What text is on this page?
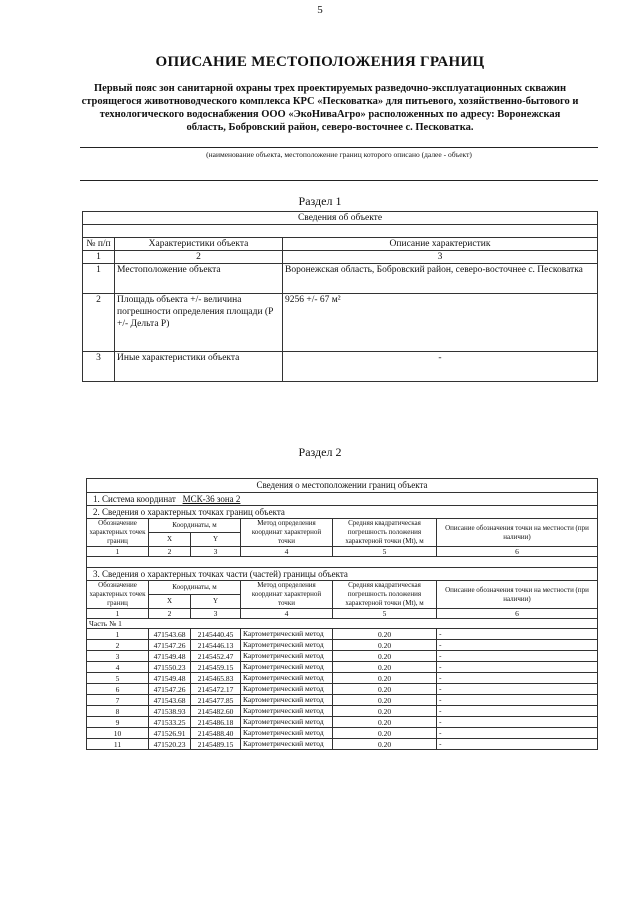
5
ОПИСАНИЕ МЕСТОПОЛОЖЕНИЯ ГРАНИЦ
Первый пояс зон санитарной охраны трех проектируемых разведочно-эксплуатационных скважин строящегося животноводческого комплекса КРС «Песковатка» для питьевого, хозяйственно-бытового и технологического водоснабжения ООО «ЭкоНиваАгро» расположенных по адресу: Воронежская область, Бобровский район, северо-восточнее с. Песковатка.
(наименование объекта, местоположение границ которого описано (далее - объект)
Раздел 1
Сведения об объекте		

№ п/п	Характеристики объекта	Описание характеристик
1	2	3
1	Местоположение объекта	Воронежская область, Бобровский район, северо-восточнее с. Песковатка
2	Площадь объекта +/- величина погрешности определения площади (Р +/- Дельта Р)	9256 +/- 67 м²
3	Иные характеристики объекта	-
Раздел 2
Сведения о местоположении границ объекта					
1. Система координат МСК-36 зона 2					
2. Сведения о характерных точках границ объекта					
Обозначение характерных точек границ	Координаты, м		Метод определения координат характерной точки	Средняя квадратическая погрешность положения характерной точки (Mt), м	Описание обозначения точки на местности (при наличии)
	X	Y			
1	2	3	4	5	6

3. Сведения о характерных точках части (частей) границы объекта					
Обозначение характерных точек границ	Координаты, м		Метод определения координат характерной точки	Средняя квадратическая погрешность положения характерной точки (Mt), м	Описание обозначения точки на местности (при наличии)
	X	Y			
1	2	3	4	5	6
Часть № 1					
1	471543.68	2145440.45	Картометрический метод	0.20	-
2	471547.26	2145446.13	Картометрический метод	0.20	-
3	471549.48	2145452.47	Картометрический метод	0.20	-
4	471550.23	2145459.15	Картометрический метод	0.20	-
5	471549.48	2145465.83	Картометрический метод	0.20	-
6	471547.26	2145472.17	Картометрический метод	0.20	-
7	471543.68	2145477.85	Картометрический метод	0.20	-
8	471538.93	2145482.60	Картометрический метод	0.20	-
9	471533.25	2145486.18	Картометрический метод	0.20	-
10	471526.91	2145488.40	Картометрический метод	0.20	-
11	471520.23	2145489.15	Картометрический метод	0.20	-
